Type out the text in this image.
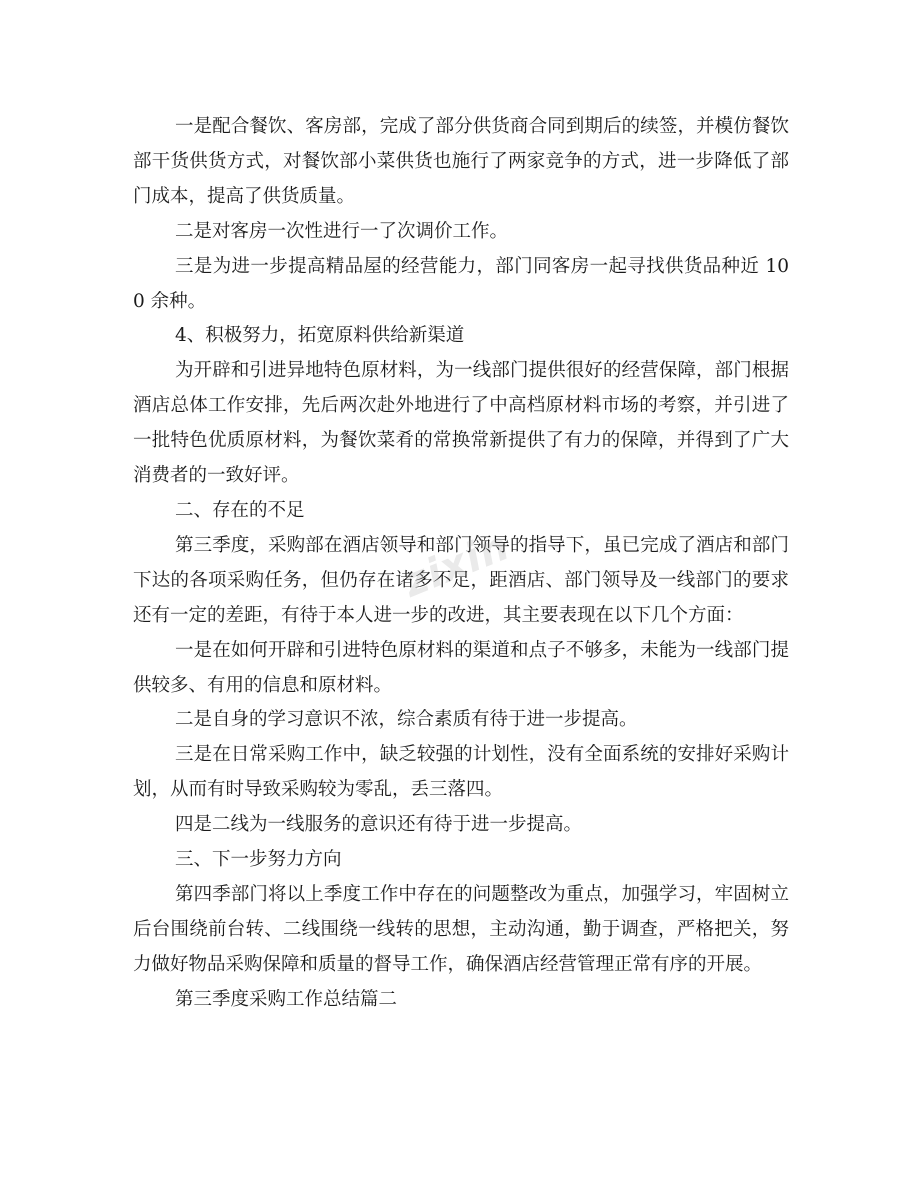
一是配合餐饮、客房部，完成了部分供货商合同到期后的续签，并模仿餐饮部干货供货方式，对餐饮部小菜供货也施行了两家竞争的方式，进一步降低了部门成本，提高了供货质量。

二是对客房一次性进行一了次调价工作。

三是为进一步提高精品屋的经营能力，部门同客房一起寻找供货品种近 100 余种。

4、积极努力，拓宽原料供给新渠道

为开辟和引进异地特色原材料，为一线部门提供很好的经营保障，部门根据酒店总体工作安排，先后两次赴外地进行了中高档原材料市场的考察，并引进了一批特色优质原材料，为餐饮菜肴的常换常新提供了有力的保障，并得到了广大消费者的一致好评。

二、存在的不足

第三季度，采购部在酒店领导和部门领导的指导下，虽已完成了酒店和部门下达的各项采购任务，但仍存在诸多不足，距酒店、部门领导及一线部门的要求还有一定的差距，有待于本人进一步的改进，其主要表现在以下几个方面：

一是在如何开辟和引进特色原材料的渠道和点子不够多，未能为一线部门提供较多、有用的信息和原材料。

二是自身的学习意识不浓，综合素质有待于进一步提高。

三是在日常采购工作中，缺乏较强的计划性，没有全面系统的安排好采购计划，从而有时导致采购较为零乱，丢三落四。

四是二线为一线服务的意识还有待于进一步提高。

三、下一步努力方向

第四季部门将以上季度工作中存在的问题整改为重点，加强学习，牢固树立后台围绕前台转、二线围绕一线转的思想，主动沟通，勤于调查，严格把关，努力做好物品采购保障和质量的督导工作，确保酒店经营管理正常有序的开展。

第三季度采购工作总结篇二

zixin
